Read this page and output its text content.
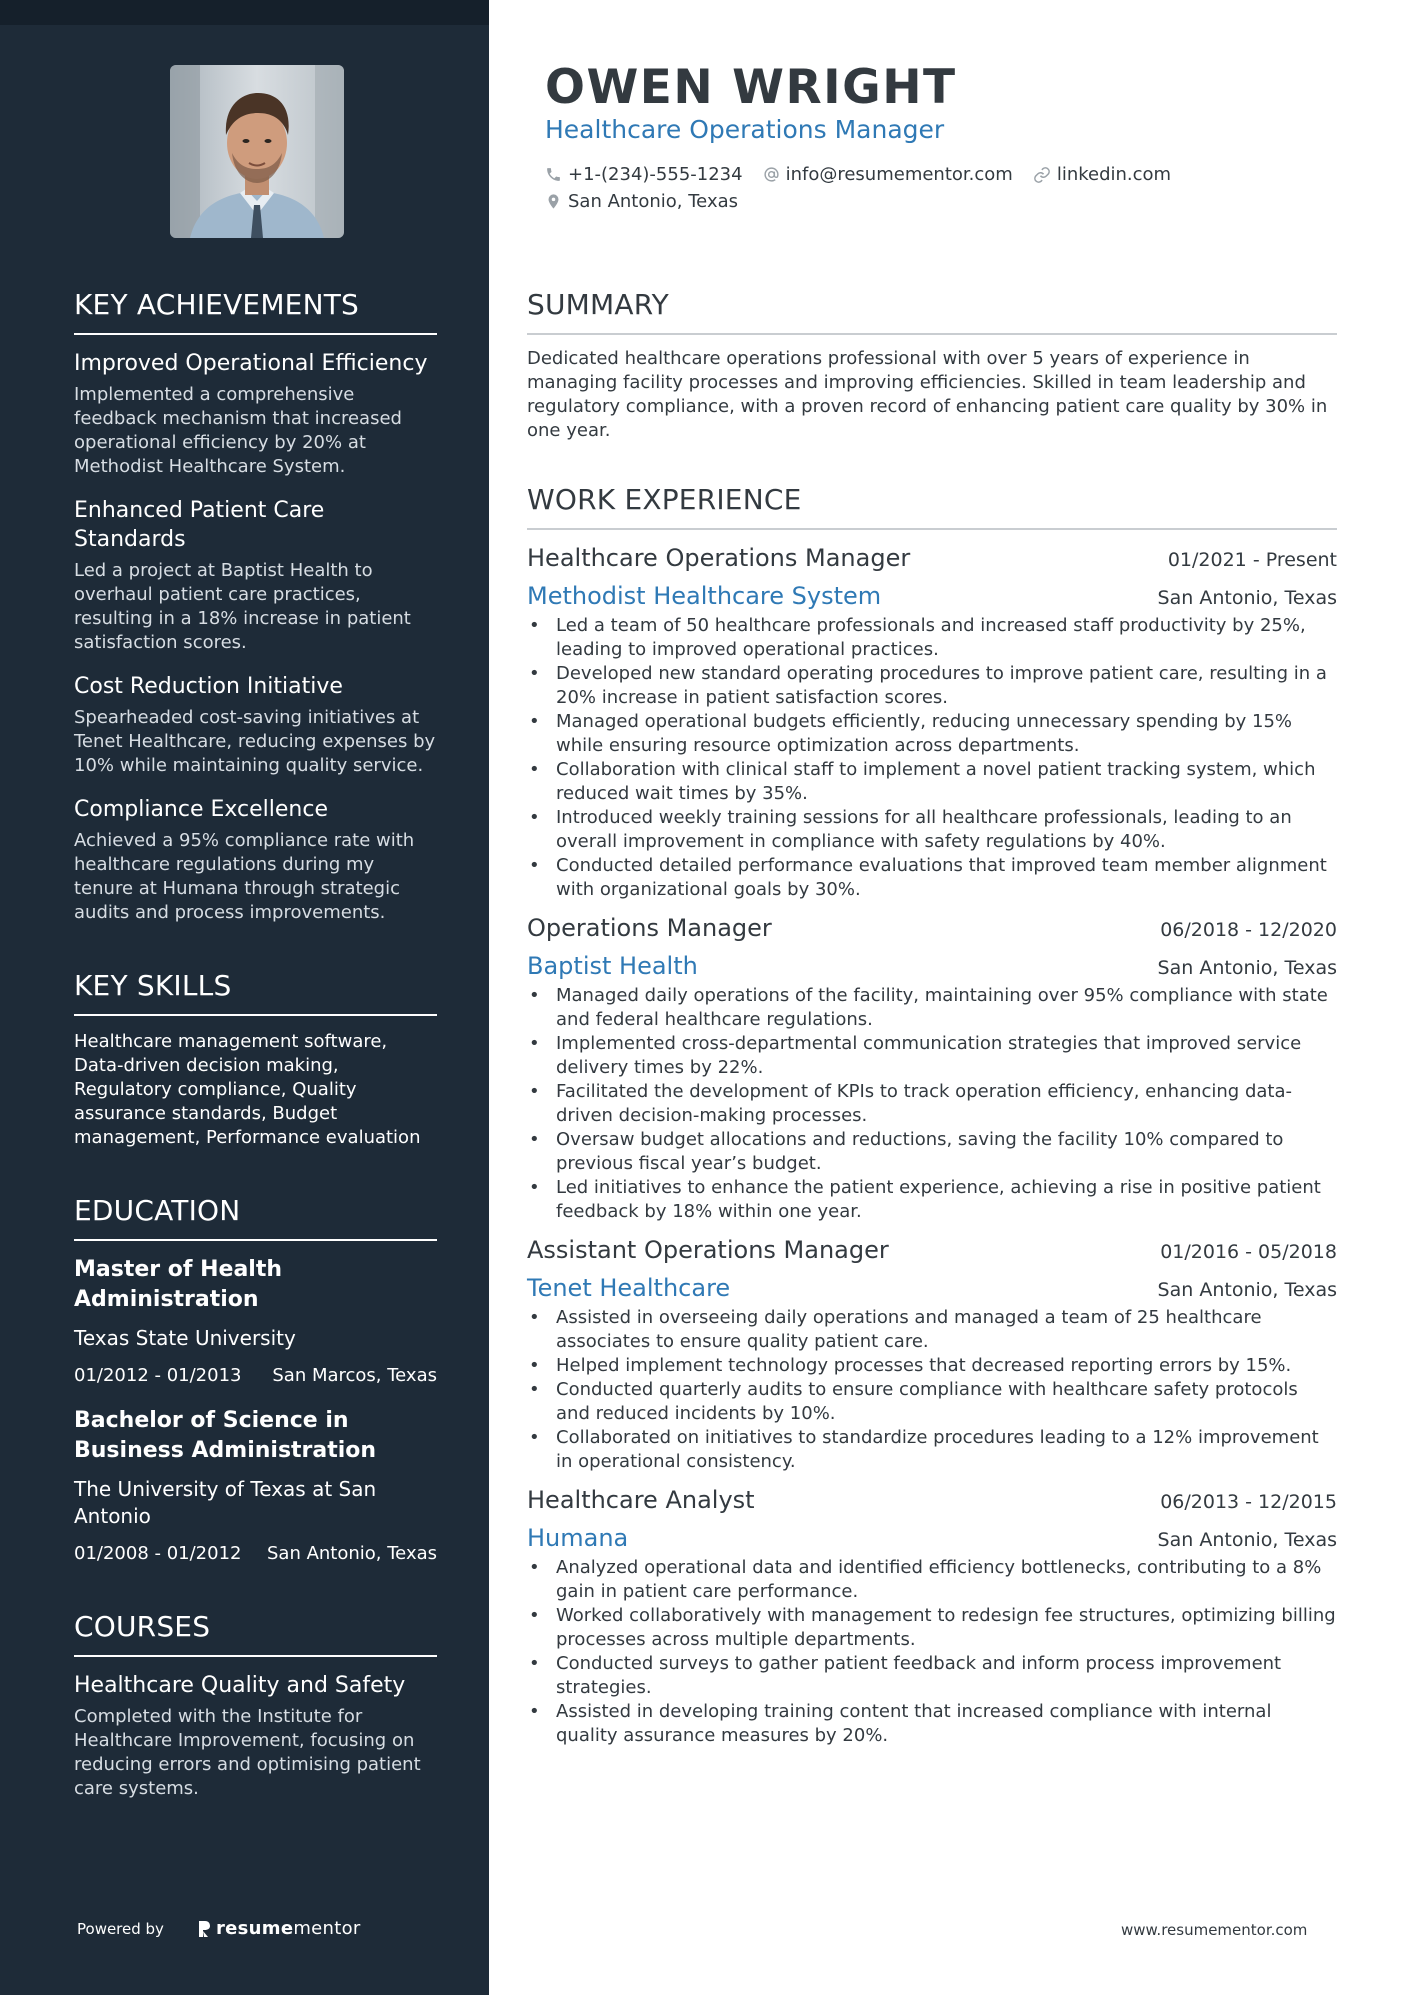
KEY ACHIEVEMENTS
Improved Operational Efficiency
Implemented a comprehensive feedback mechanism that increased operational efficiency by 20% at Methodist Healthcare System.
Enhanced Patient Care Standards
Led a project at Baptist Health to overhaul patient care practices, resulting in a 18% increase in patient satisfaction scores.
Cost Reduction Initiative
Spearheaded cost-saving initiatives at Tenet Healthcare, reducing expenses by 10% while maintaining quality service.
Compliance Excellence
Achieved a 95% compliance rate with healthcare regulations during my tenure at Humana through strategic audits and process improvements.
KEY SKILLS
Healthcare management software, Data-driven decision making, Regulatory compliance, Quality assurance standards, Budget management, Performance evaluation
EDUCATION
Master of Health Administration
Texas State University
01/2012 - 01/2013 San Marcos, Texas
Bachelor of Science in Business Administration
The University of Texas at San Antonio
01/2008 - 01/2012 San Antonio, Texas
COURSES
Healthcare Quality and Safety
Completed with the Institute for Healthcare Improvement, focusing on reducing errors and optimising patient care systems.
Powered by	resume mentor
OWEN WRIGHT
Healthcare Operations Manager
+1-(234)-555-1234 info@resumementor.com linkedin.com
San Antonio, Texas
SUMMARY
Dedicated healthcare operations professional with over 5 years of experience in managing facility processes and improving efficiencies. Skilled in team leadership and regulatory compliance, with a proven record of enhancing patient care quality by 30% in one year.
WORK EXPERIENCE
Healthcare Operations Manager	01/2021 - Present
Methodist Healthcare System	San Antonio, Texas
• Led a team of 50 healthcare professionals and increased staff productivity by 25%, leading to improved operational practices.
• Developed new standard operating procedures to improve patient care, resulting in a 20% increase in patient satisfaction scores.
• Managed operational budgets efficiently, reducing unnecessary spending by 15% while ensuring resource optimization across departments.
• Collaboration with clinical staff to implement a novel patient tracking system, which reduced wait times by 35%.
• Introduced weekly training sessions for all healthcare professionals, leading to an overall improvement in compliance with safety regulations by 40%.
• Conducted detailed performance evaluations that improved team member alignment with organizational goals by 30%.
Operations Manager	06/2018 - 12/2020
Baptist Health	San Antonio, Texas
• Managed daily operations of the facility, maintaining over 95% compliance with state and federal healthcare regulations.
• Implemented cross-departmental communication strategies that improved service delivery times by 22%.
• Facilitated the development of KPIs to track operation efficiency, enhancing data-driven decision-making processes.
• Oversaw budget allocations and reductions, saving the facility 10% compared to previous fiscal year’s budget.
• Led initiatives to enhance the patient experience, achieving a rise in positive patient feedback by 18% within one year.
Assistant Operations Manager	01/2016 - 05/2018
Tenet Healthcare	San Antonio, Texas
• Assisted in overseeing daily operations and managed a team of 25 healthcare associates to ensure quality patient care.
• Helped implement technology processes that decreased reporting errors by 15%.
• Conducted quarterly audits to ensure compliance with healthcare safety protocols and reduced incidents by 10%.
• Collaborated on initiatives to standardize procedures leading to a 12% improvement in operational consistency.
Healthcare Analyst	06/2013 - 12/2015
Humana	San Antonio, Texas
• Analyzed operational data and identified efficiency bottlenecks, contributing to a 8% gain in patient care performance.
• Worked collaboratively with management to redesign fee structures, optimizing billing processes across multiple departments.
• Conducted surveys to gather patient feedback and inform process improvement strategies.
• Assisted in developing training content that increased compliance with internal quality assurance measures by 20%.
www.resumementor.com
